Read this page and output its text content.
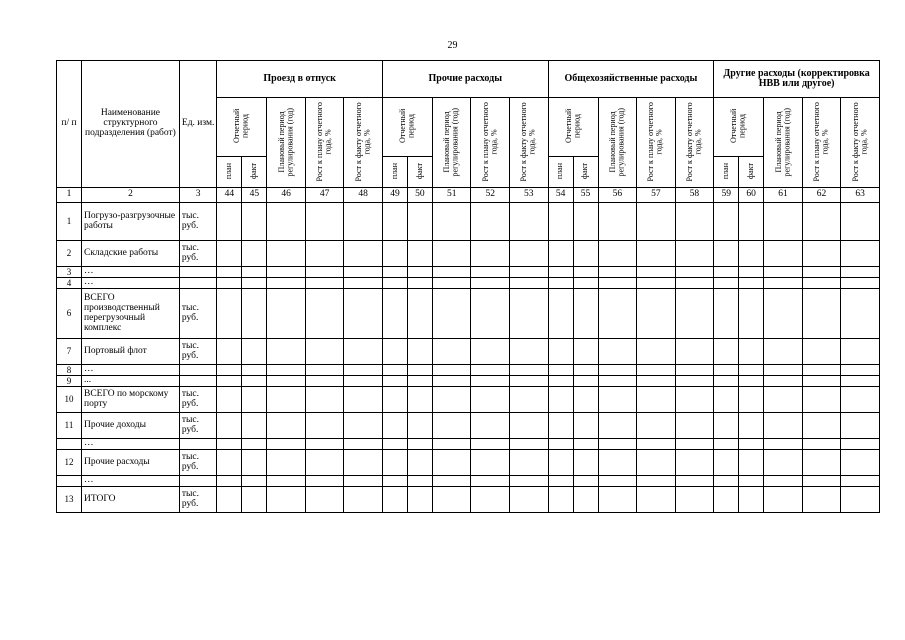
29
п/ п	Наименование структурного подразделения (работ)	Ед. изм.	Проезд в отпуск					Прочие расходы					Общехозяйственные расходы					Другие расходы (корректировка НВВ или другое)				
			Отчетный период		Плановый период регулирования (год)	Рост к плану отчетного года, %	Рост к факту отчетного года, %	Отчетный период		Плановый период регулирования (год)	Рост к плану отчетного года, %	Рост к факту отчетного года, %	Отчетный период		Плановый период регулирования (год)	Рост к плану отчетного года, %	Рост к факту отчетного года, %	Отчетный период		Плановый период регулирования (год)	Рост к плану отчетного года, %	Рост к факту отчетного года, %
			план	факт				план	факт				план	факт				план	факт			
1	2	3	44	45	46	47	48	49	50	51	52	53	54	55	56	57	58	59	60	61	62	63
1	Погрузо-разгрузочные работы	тыс. руб.																				
2	Складские работы	тыс. руб.																				
3	…																					
4	…																					
6	ВСЕГО производственный перегрузочный комплекс	тыс. руб.																				
7	Портовый флот	тыс. руб.																				
8	…																					
9	...																					
10	ВСЕГО по морскому порту	тыс. руб.																				
11	Прочие доходы	тыс. руб.																				
	…																					
12	Прочие расходы	тыс. руб.																				
	…																					
13	ИТОГО	тыс. руб.																				
